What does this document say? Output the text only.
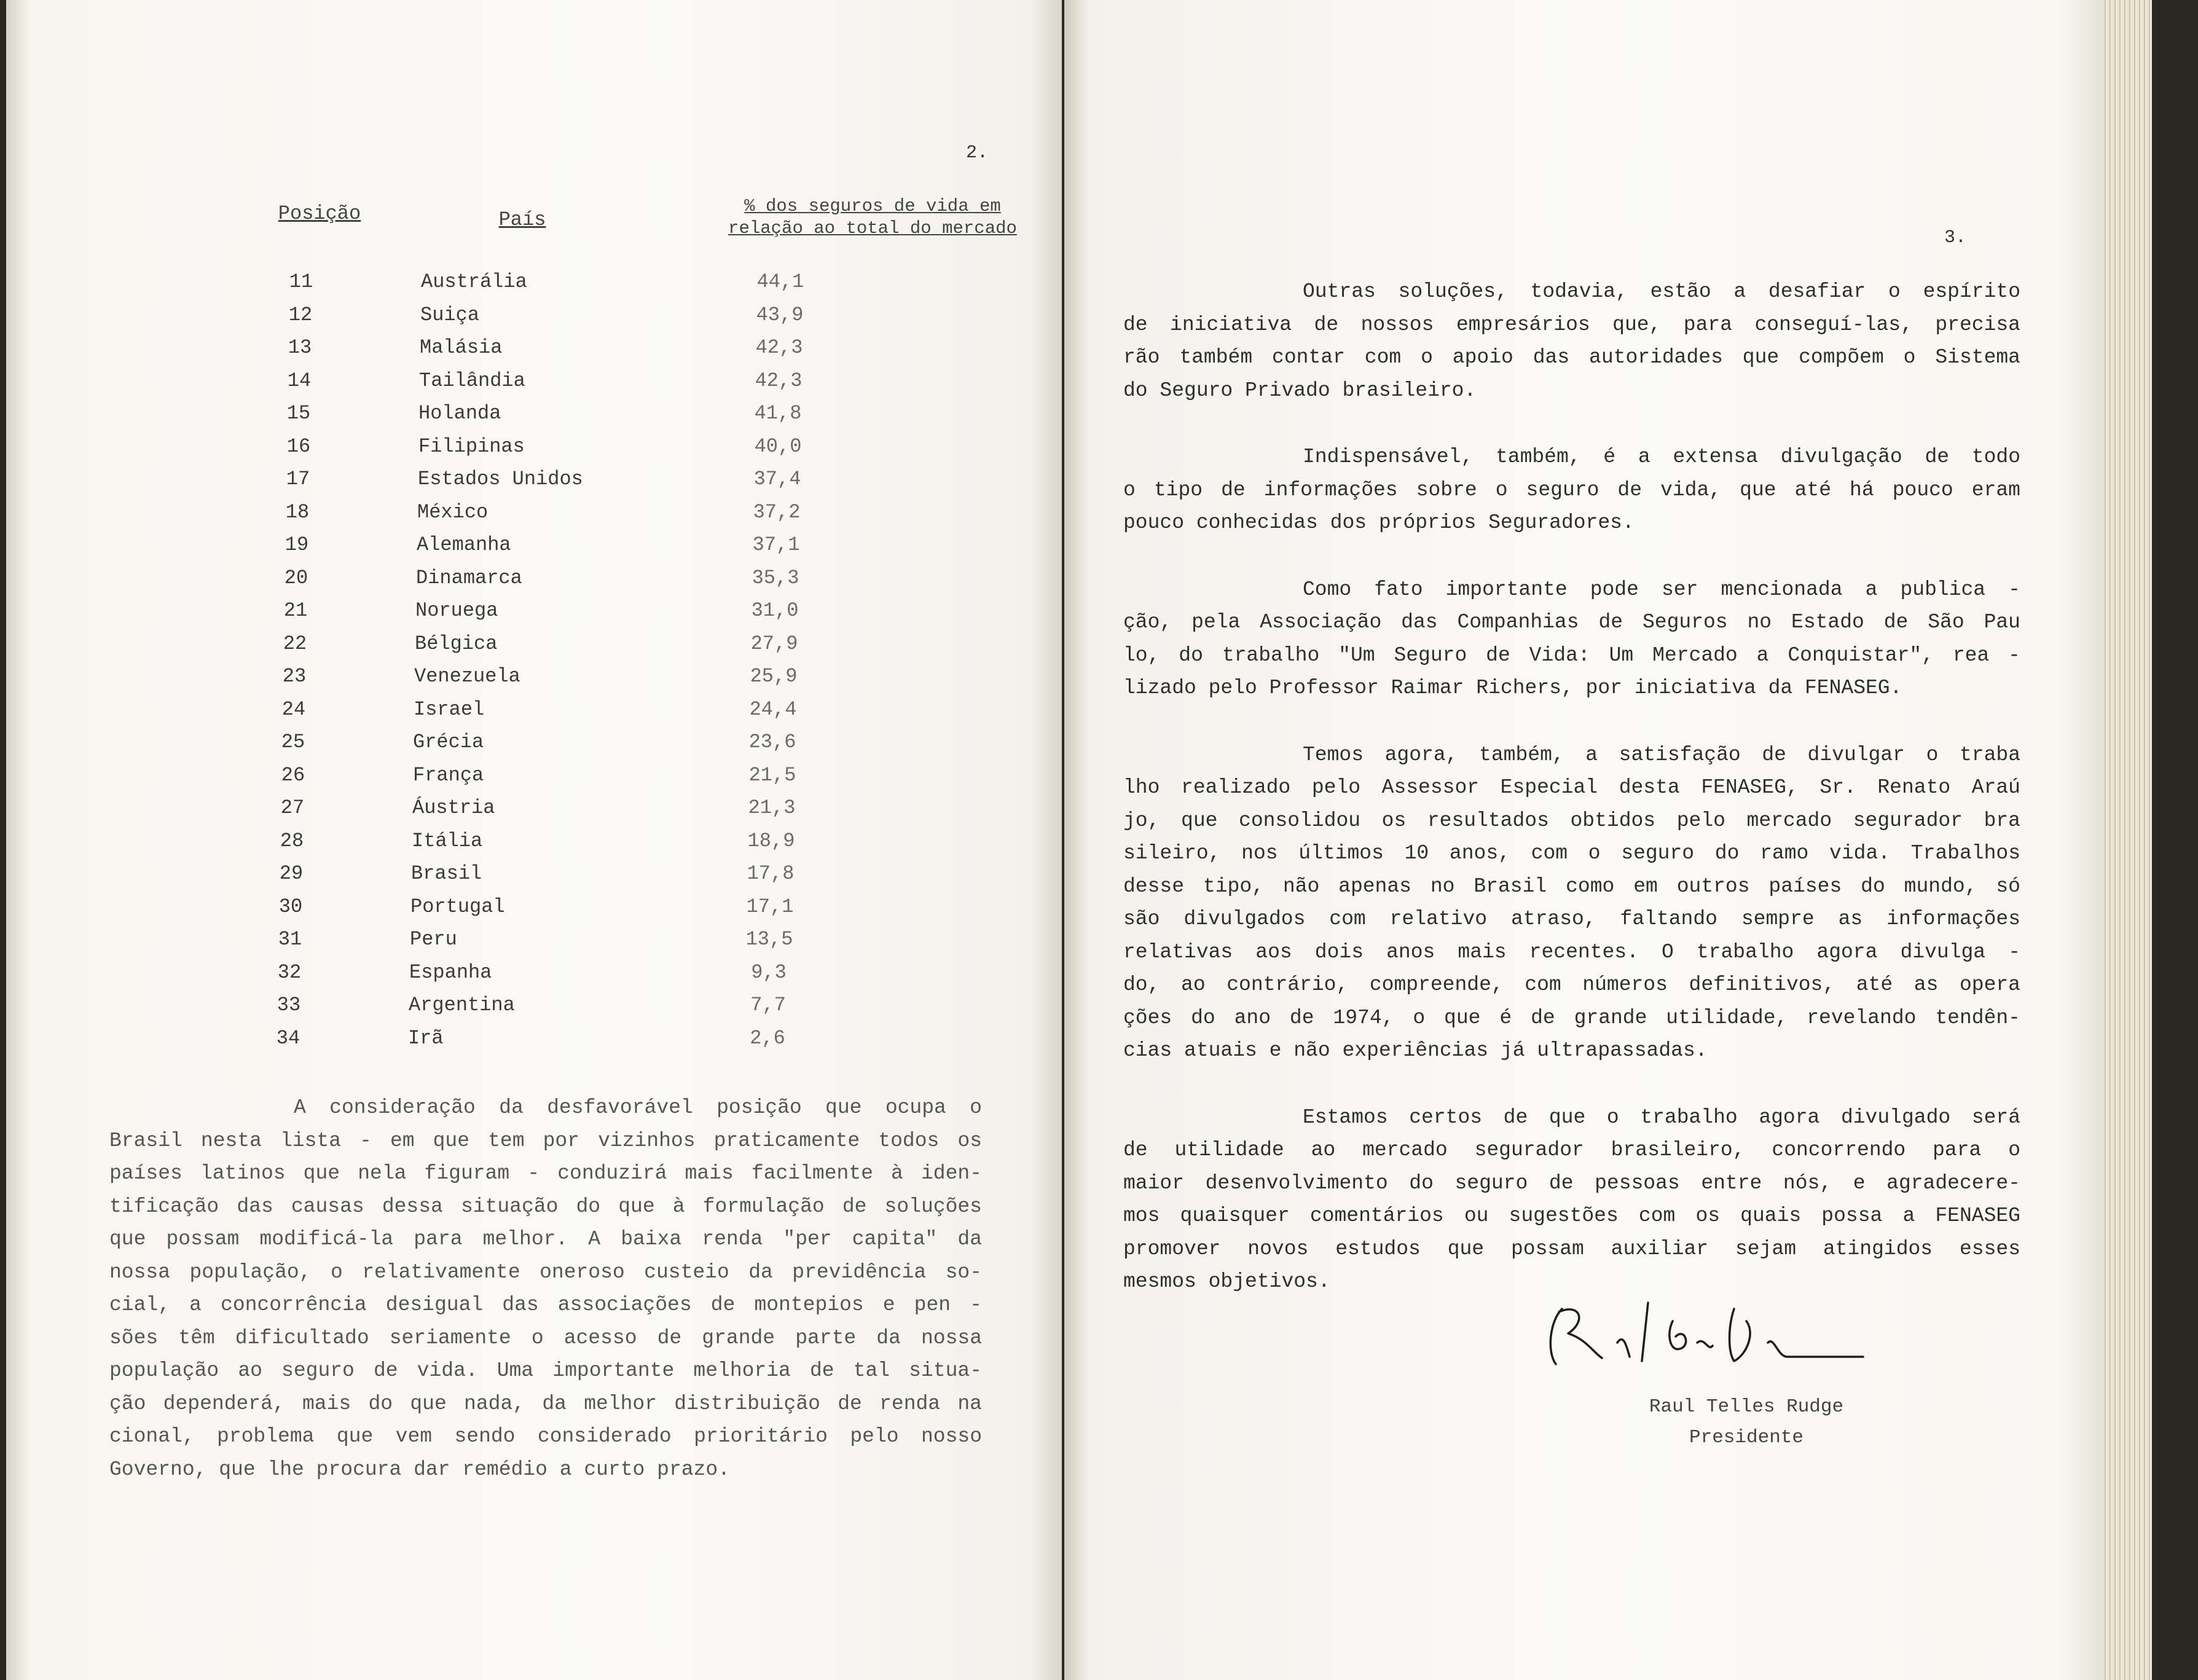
2.
Posição	País
% dos seguros de vida em relação ao total do mercado
11	Austrália	44,1
12	Suiça	43,9
13	Malásia	42,3
14	Tailândia	42,3
15	Holanda	41,8
16	Filipinas	40,0
17	Estados Unidos	37,4
18	México	37,2
19	Alemanha	37,1
20	Dinamarca	35,3
21	Noruega	31,0
22	Bélgica	27,9
23	Venezuela	25,9
24	Israel	24,4
25	Grécia	23,6
26	França	21,5
27	Áustria	21,3
28	Itália	18,9
29	Brasil	17,8
30	Portugal	17,1
31	Peru	13,5
32	Espanha	9,3
33	Argentina	7,7
34	Irã	2,6
A consideração da desfavorável posição que ocupa o
Brasil nesta lista - em que tem por vizinhos praticamente todos os
países latinos que nela figuram - conduzirá mais facilmente à iden-
tificação das causas dessa situação do que à formulação de soluções
que possam modificá-la para melhor. A baixa renda "per capita" da
nossa população, o relativamente oneroso custeio da previdência so-
cial, a concorrência desigual das associações de montepios e pen -
sões têm dificultado seriamente o acesso de grande parte da nossa
população ao seguro de vida. Uma importante melhoria de tal situa-
ção dependerá, mais do que nada, da melhor distribuição de renda na
cional, problema que vem sendo considerado prioritário pelo nosso
Governo, que lhe procura dar remédio a curto prazo.
3.
Outras soluções, todavia, estão a desafiar o espírito
de iniciativa de nossos empresários que, para conseguí-las, precisa
rão também contar com o apoio das autoridades que compõem o Sistema
do Seguro Privado brasileiro.
Indispensável, também, é a extensa divulgação de todo
o tipo de informações sobre o seguro de vida, que até há pouco eram
pouco conhecidas dos próprios Seguradores.
Como fato importante pode ser mencionada a publica -
ção, pela Associação das Companhias de Seguros no Estado de São Pau
lo, do trabalho "Um Seguro de Vida: Um Mercado a Conquistar", rea -
lizado pelo Professor Raimar Richers, por iniciativa da FENASEG.
Temos agora, também, a satisfação de divulgar o traba
lho realizado pelo Assessor Especial desta FENASEG, Sr. Renato Araú
jo, que consolidou os resultados obtidos pelo mercado segurador bra
sileiro, nos últimos 10 anos, com o seguro do ramo vida. Trabalhos
desse tipo, não apenas no Brasil como em outros países do mundo, só
são divulgados com relativo atraso, faltando sempre as informações
relativas aos dois anos mais recentes. O trabalho agora divulga -
do, ao contrário, compreende, com números definitivos, até as opera
ções do ano de 1974, o que é de grande utilidade, revelando tendên-
cias atuais e não experiências já ultrapassadas.
Estamos certos de que o trabalho agora divulgado será
de utilidade ao mercado segurador brasileiro, concorrendo para o
maior desenvolvimento do seguro de pessoas entre nós, e agradecere-
mos quaisquer comentários ou sugestões com os quais possa a FENASEG
promover novos estudos que possam auxiliar sejam atingidos esses
mesmos objetivos.
Raul Telles Rudge
Presidente
